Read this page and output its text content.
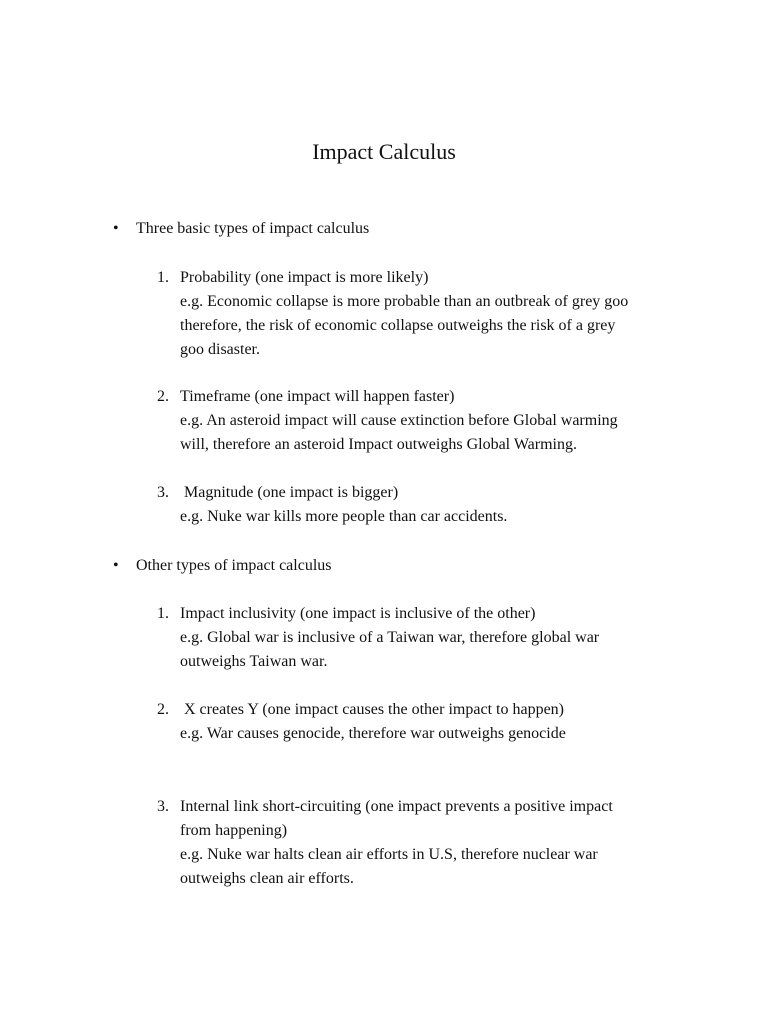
Impact Calculus
•	Three basic types of impact calculus
1. Probability (one impact is more likely)
e.g. Economic collapse is more probable than an outbreak of grey goo
therefore, the risk of economic collapse outweighs the risk of a grey
goo disaster.
2. Timeframe (one impact will happen faster)
e.g. An asteroid impact will cause extinction before Global warming
will, therefore an asteroid Impact outweighs Global Warming.
3. Magnitude (one impact is bigger)
e.g. Nuke war kills more people than car accidents.
•	Other types of impact calculus
1. Impact inclusivity (one impact is inclusive of the other)
e.g. Global war is inclusive of a Taiwan war, therefore global war
outweighs Taiwan war.
2. X creates Y (one impact causes the other impact to happen)
e.g. War causes genocide, therefore war outweighs genocide
3. Internal link short-circuiting (one impact prevents a positive impact
from happening)
e.g. Nuke war halts clean air efforts in U.S, therefore nuclear war
outweighs clean air efforts.
